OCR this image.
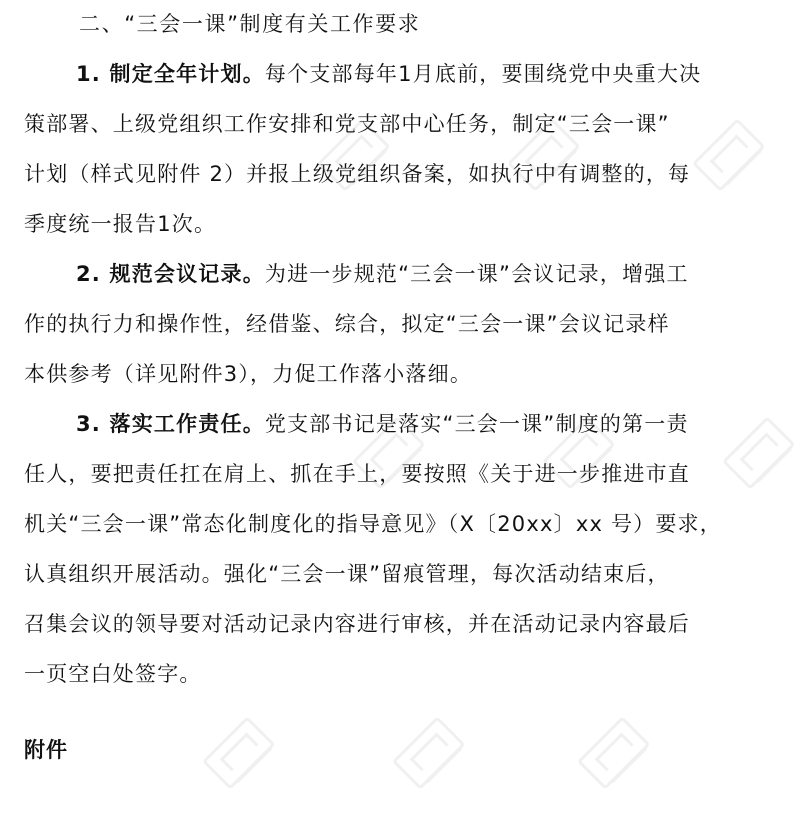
二、“三会一课”制度有关工作要求
1. 制定全年计划。每个支部每年1月底前，要围绕党中央重大决
策部署、上级党组织工作安排和党支部中心任务，制定“三会一课”
计划（样式见附件 2）并报上级党组织备案，如执行中有调整的，每
季度统一报告1次。
2. 规范会议记录。为进一步规范“三会一课”会议记录，增强工
作的执行力和操作性，经借鉴、综合，拟定“三会一课”会议记录样
本供参考（详见附件3），力促工作落小落细。
3. 落实工作责任。党支部书记是落实“三会一课”制度的第一责
任人，要把责任扛在肩上、抓在手上，要按照《关于进一步推进市直
机关“三会一课”常态化制度化的指导意见》（X〔20xx〕xx 号）要求，
认真组织开展活动。强化“三会一课”留痕管理，每次活动结束后，
召集会议的领导要对活动记录内容进行审核，并在活动记录内容最后
一页空白处签字。
附件
